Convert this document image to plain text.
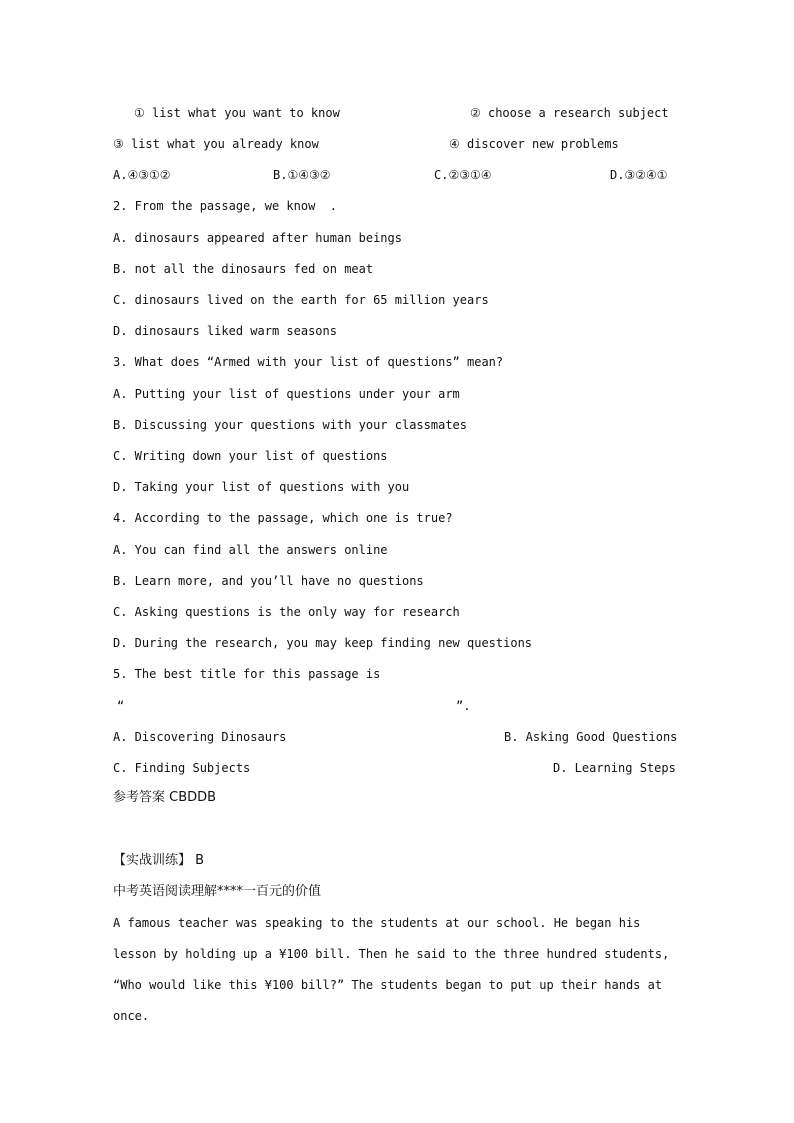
① list what you want to know	② choose a research subject
③ list what you already know	④ discover new problems
A.④③①②	B.①④③②	C.②③①④	D.③②④①
2. From the passage, we know  .
A. dinosaurs appeared after human beings
B. not all the dinosaurs fed on meat
C. dinosaurs lived on the earth for 65 million years
D. dinosaurs liked warm seasons
3. What does “Armed with your list of questions” mean?
A. Putting your list of questions under your arm
B. Discussing your questions with your classmates
C. Writing down your list of questions
D. Taking your list of questions with you
4. According to the passage, which one is true?
A. You can find all the answers online
B. Learn more, and you’ll have no questions
C. Asking questions is the only way for research
D. During the research, you may keep finding new questions
5. The best title for this passage is
“	”.
A. Discovering Dinosaurs	B. Asking Good Questions
C. Finding Subjects	D. Learning Steps
参考答案 CBDDB
【实战训练】 B
中考英语阅读理解****一百元的价值
A famous teacher was speaking to the students at our school. He began his lesson by holding up a ¥100 bill. Then he said to the three hundred students, “Who would like this ¥100 bill?” The students began to put up their hands at once.
